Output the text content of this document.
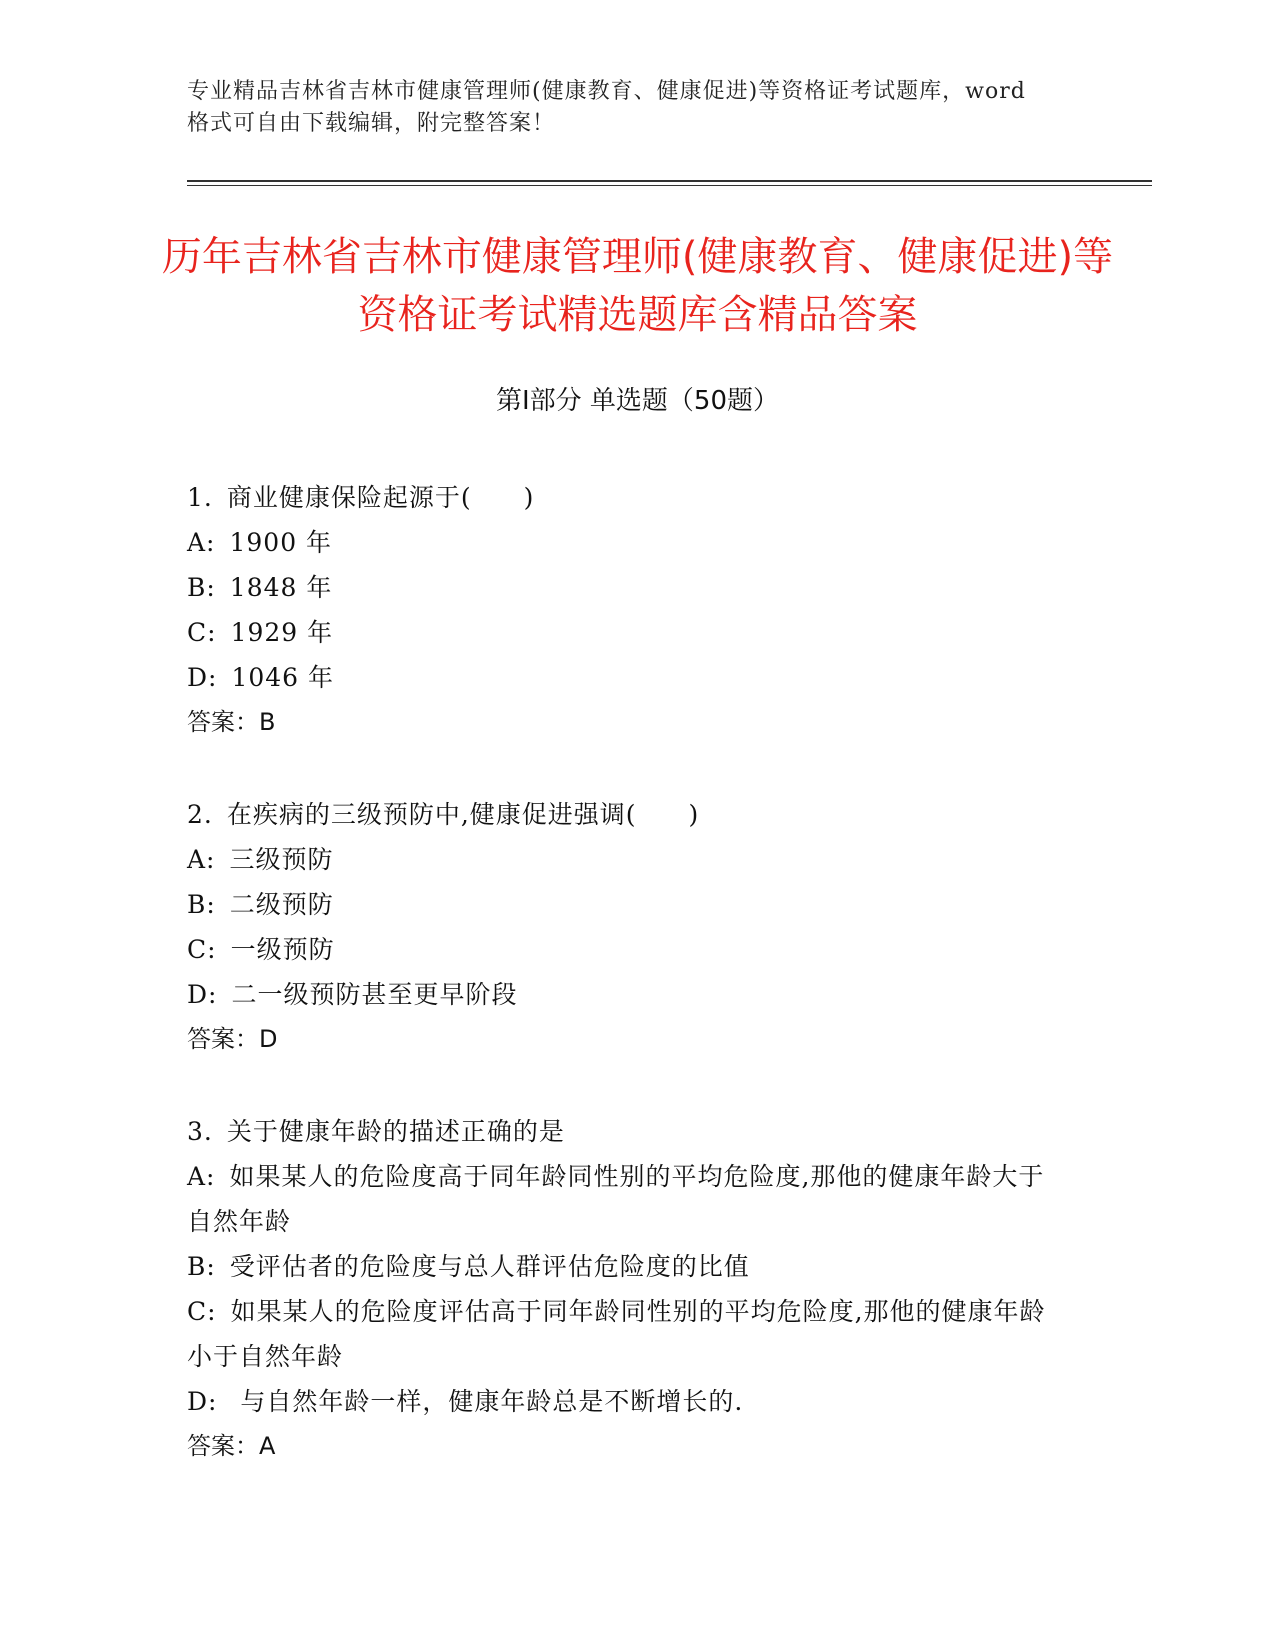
专业精品吉林省吉林市健康管理师(健康教育、健康促进)等资格证考试题库，word
格式可自由下载编辑，附完整答案！
历年吉林省吉林市健康管理师(健康教育、健康促进)等资格证考试精选题库含精品答案
第Ⅰ部分 单选题（50题）
1. 商业健康保险起源于(　　)
A: 1900 年
B: 1848 年
C: 1929 年
D: 1046 年
答案：B
2. 在疾病的三级预防中,健康促进强调(　　)
A: 三级预防
B: 二级预防
C: 一级预防
D: 二一级预防甚至更早阶段
答案：D
3. 关于健康年龄的描述正确的是
A: 如果某人的危险度高于同年龄同性别的平均危险度,那他的健康年龄大于自然年龄
B: 受评估者的危险度与总人群评估危险度的比值
C: 如果某人的危险度评估高于同年龄同性别的平均危险度,那他的健康年龄小于自然年龄
D: 与自然年龄一样，健康年龄总是不断增长的.
答案：A
